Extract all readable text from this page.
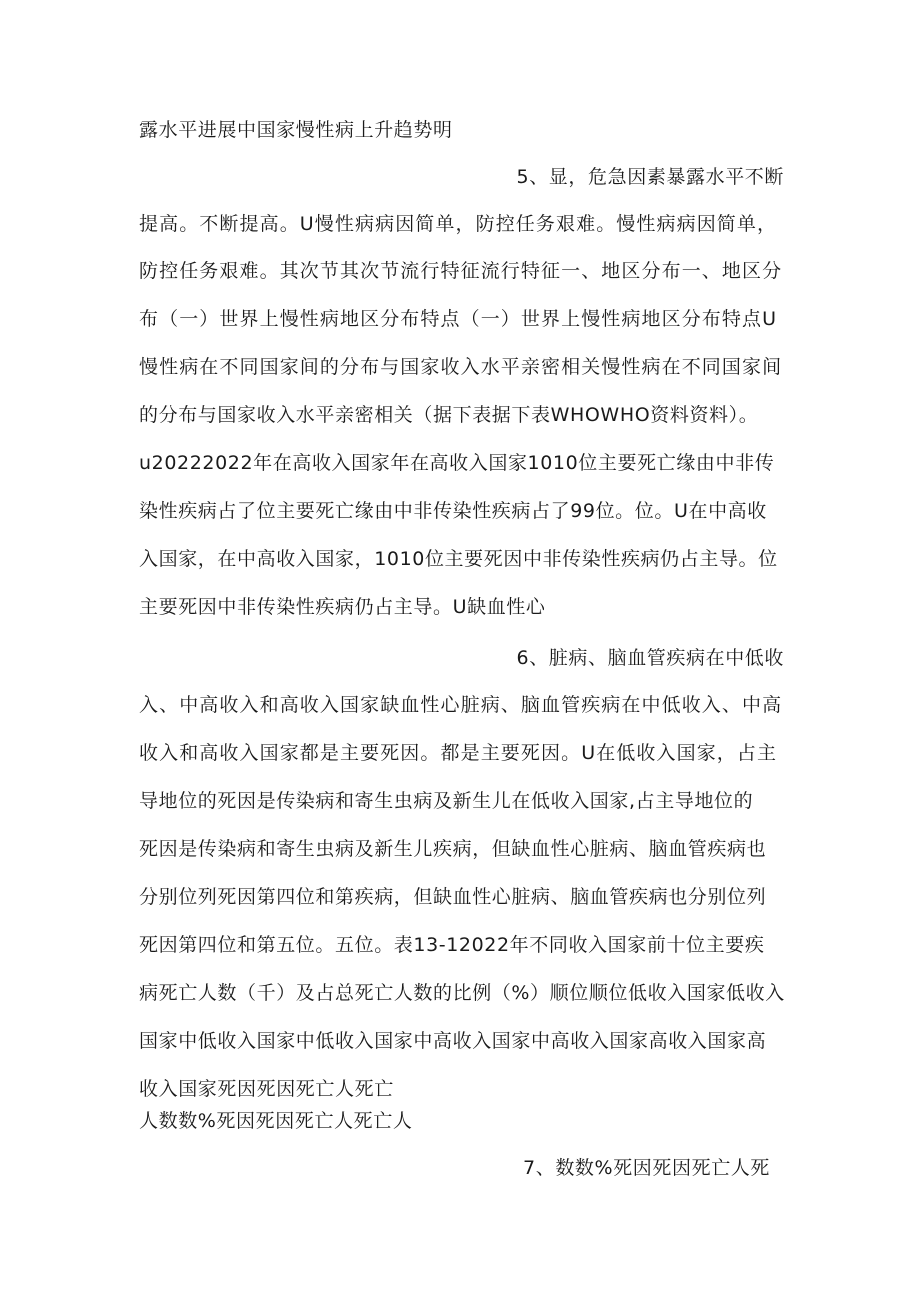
露水平进展中国家慢性病上升趋势明
5、显，危急因素暴露水平不断
提高。不断提高。U慢性病病因简单，防控任务艰难。慢性病病因简单，
防控任务艰难。其次节其次节流行特征流行特征一、地区分布一、地区分
布（一）世界上慢性病地区分布特点（一）世界上慢性病地区分布特点U
慢性病在不同国家间的分布与国家收入水平亲密相关慢性病在不同国家间
的分布与国家收入水平亲密相关（据下表据下表WHOWHO资料资料）。
u20222022年在高收入国家年在高收入国家1010位主要死亡缘由中非传
染性疾病占了位主要死亡缘由中非传染性疾病占了99位。位。U在中高收
入国家，在中高收入国家，1010位主要死因中非传染性疾病仍占主导。位
主要死因中非传染性疾病仍占主导。U缺血性心
6、脏病、脑血管疾病在中低收
入、中高收入和高收入国家缺血性心脏病、脑血管疾病在中低收入、中高
收入和高收入国家都是主要死因。都是主要死因。U在低收入国家，占主
导地位的死因是传染病和寄生虫病及新生儿在低收入国家,占主导地位的
死因是传染病和寄生虫病及新生儿疾病，但缺血性心脏病、脑血管疾病也
分别位列死因第四位和第疾病，但缺血性心脏病、脑血管疾病也分别位列
死因第四位和第五位。五位。表13-12022年不同收入国家前十位主要疾
病死亡人数（千）及占总死亡人数的比例（%）顺位顺位低收入国家低收入
国家中低收入国家中低收入国家中高收入国家中高收入国家高收入国家高
收入国家死因死因死亡人死亡
人数数%死因死因死亡人死亡人
7、数数%死因死因死亡人死
